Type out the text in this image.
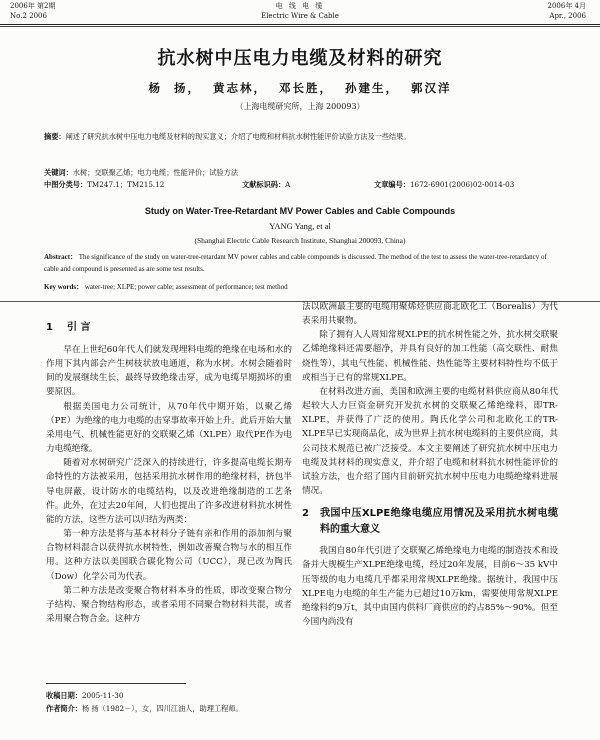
2006年 第2期
No.2 2006
电 线 电 缆
Electric Wire & Cable
2006年 4月
Apr., 2006
抗水树中压电力电缆及材料的研究
杨 扬， 黄志林， 邓长胜， 孙建生， 郭汉洋
（上海电缆研究所，上海 200093）
摘要：阐述了研究抗水树中压电力电缆及材料的现实意义；介绍了电缆和材料抗水树性能评价试验方法及一些结果。
关键词：水树；交联聚乙烯；电力电缆；性能评价；试验方法
中图分类号：TM247.1；TM215.12	文献标识码：A	文章编号：1672-6901(2006)02-0014-03
Study on Water-Tree-Retardant MV Power Cables and Cable Compounds
YANG Yang, et al
(Shanghai Electric Cable Research Institute, Shanghai 200093, China)
Abstract： The significance of the study on water-tree-retardant MV power cables and cable compounds is discussed. The method of the test to assess the water-tree-retardancy of cable and compound is presented as are some test results.
Key words： water-tree; XLPE; power cable; assessment of performance; test method
1 引 言

早在上世纪60年代人们就发现埋料电缆的绝缘在电场和水的作用下其内部会产生树枝状放电通道，称为水树。水树会随着时间的发展继续生长，最终导致绝缘击穿，成为电缆早期损坏的重要原因。

根据美国电力公司统计，从70年代中期开始，以聚乙烯（PE）为绝缘的电力电缆的击穿事故率开始上升。此后开始大量采用电气、机械性能更好的交联聚乙烯（XLPE）取代PE作为电力电缆绝缘。

随着对水树研究广泛深入的持续进行，许多提高电缆长期寿命特性的方法被采用，包括采用抗水树作用的绝缘材料，挤包半导电屏蔽，设计防水的电缆结构，以及改进绝缘制造的工艺条件。此外，在过去20年间，人们也提出了许多改进材料抗水树性能的方法，这些方法可以归结为两类：

第一种方法是将与基本材料分子链有亲和作用的添加剂与聚合物材料混合以获得抗水树特性，例如改善聚合物与水的相互作用。这种方法以美国联合碳化物公司（UCC），现已改为陶氏（Dow）化学公司为代表。

第二种方法是改变聚合物材料本身的性质，即改变聚合物分子结构、聚合物结构形态，或者采用不同聚合物材料共混，或者采用聚合物合金。这种方

法以欧洲最主要的电缆用聚烯烃供应商北欧化工（Borealis）为代表采用共聚物。

除了拥有人人周知常规XLPE的抗水树性能之外，抗水树交联聚乙烯绝缘料还需要超净，并具有良好的加工性能（高交联性、耐焦烧性等），其电气性能、机械性能、热性能等主要材料特性均不低于或相当于已有的常规XLPE。

在材料改进方面，美国和欧洲主要的电缆材料供应商从80年代起较大人力巨资金研究开发抗水树的交联聚乙烯绝缘料，即TR-XLPE，并获得了广泛的使用。陶氏化学公司和北欧化工的TR-XLPE早已实现商品化，成为世界上抗水树电缆料的主要供应商，其公司技术规范已被广泛接受。本文主要阐述了研究抗水树中压电力电缆及其材料的现实意义，并介绍了电缆和材料抗水树性能评价的试验方法，也介绍了国内目前研究抗水树中压电力电缆绝缘料进展情况。

2	我国中压XLPE绝缘电缆应用情况及采用抗水树电缆料的重大意义

我国自80年代引进了交联聚乙烯绝缘电力电缆的制造技术和设备并大规模生产XLPE绝缘电缆，经过20年发展，目前6～35 kV中压等级的电力电缆几乎都采用常规XLPE绝缘。据统计，我国中压XLPE电力电缆的年生产能力已超过10万km，需要使用常规XLPE绝缘料约9万t，其中由国内供料厂商供应的约占85%～90%。但至今国内尚没有

收稿日期：2005-11-30
作者简介：杨 扬（1982－），女，四川江油人，助理工程师。
